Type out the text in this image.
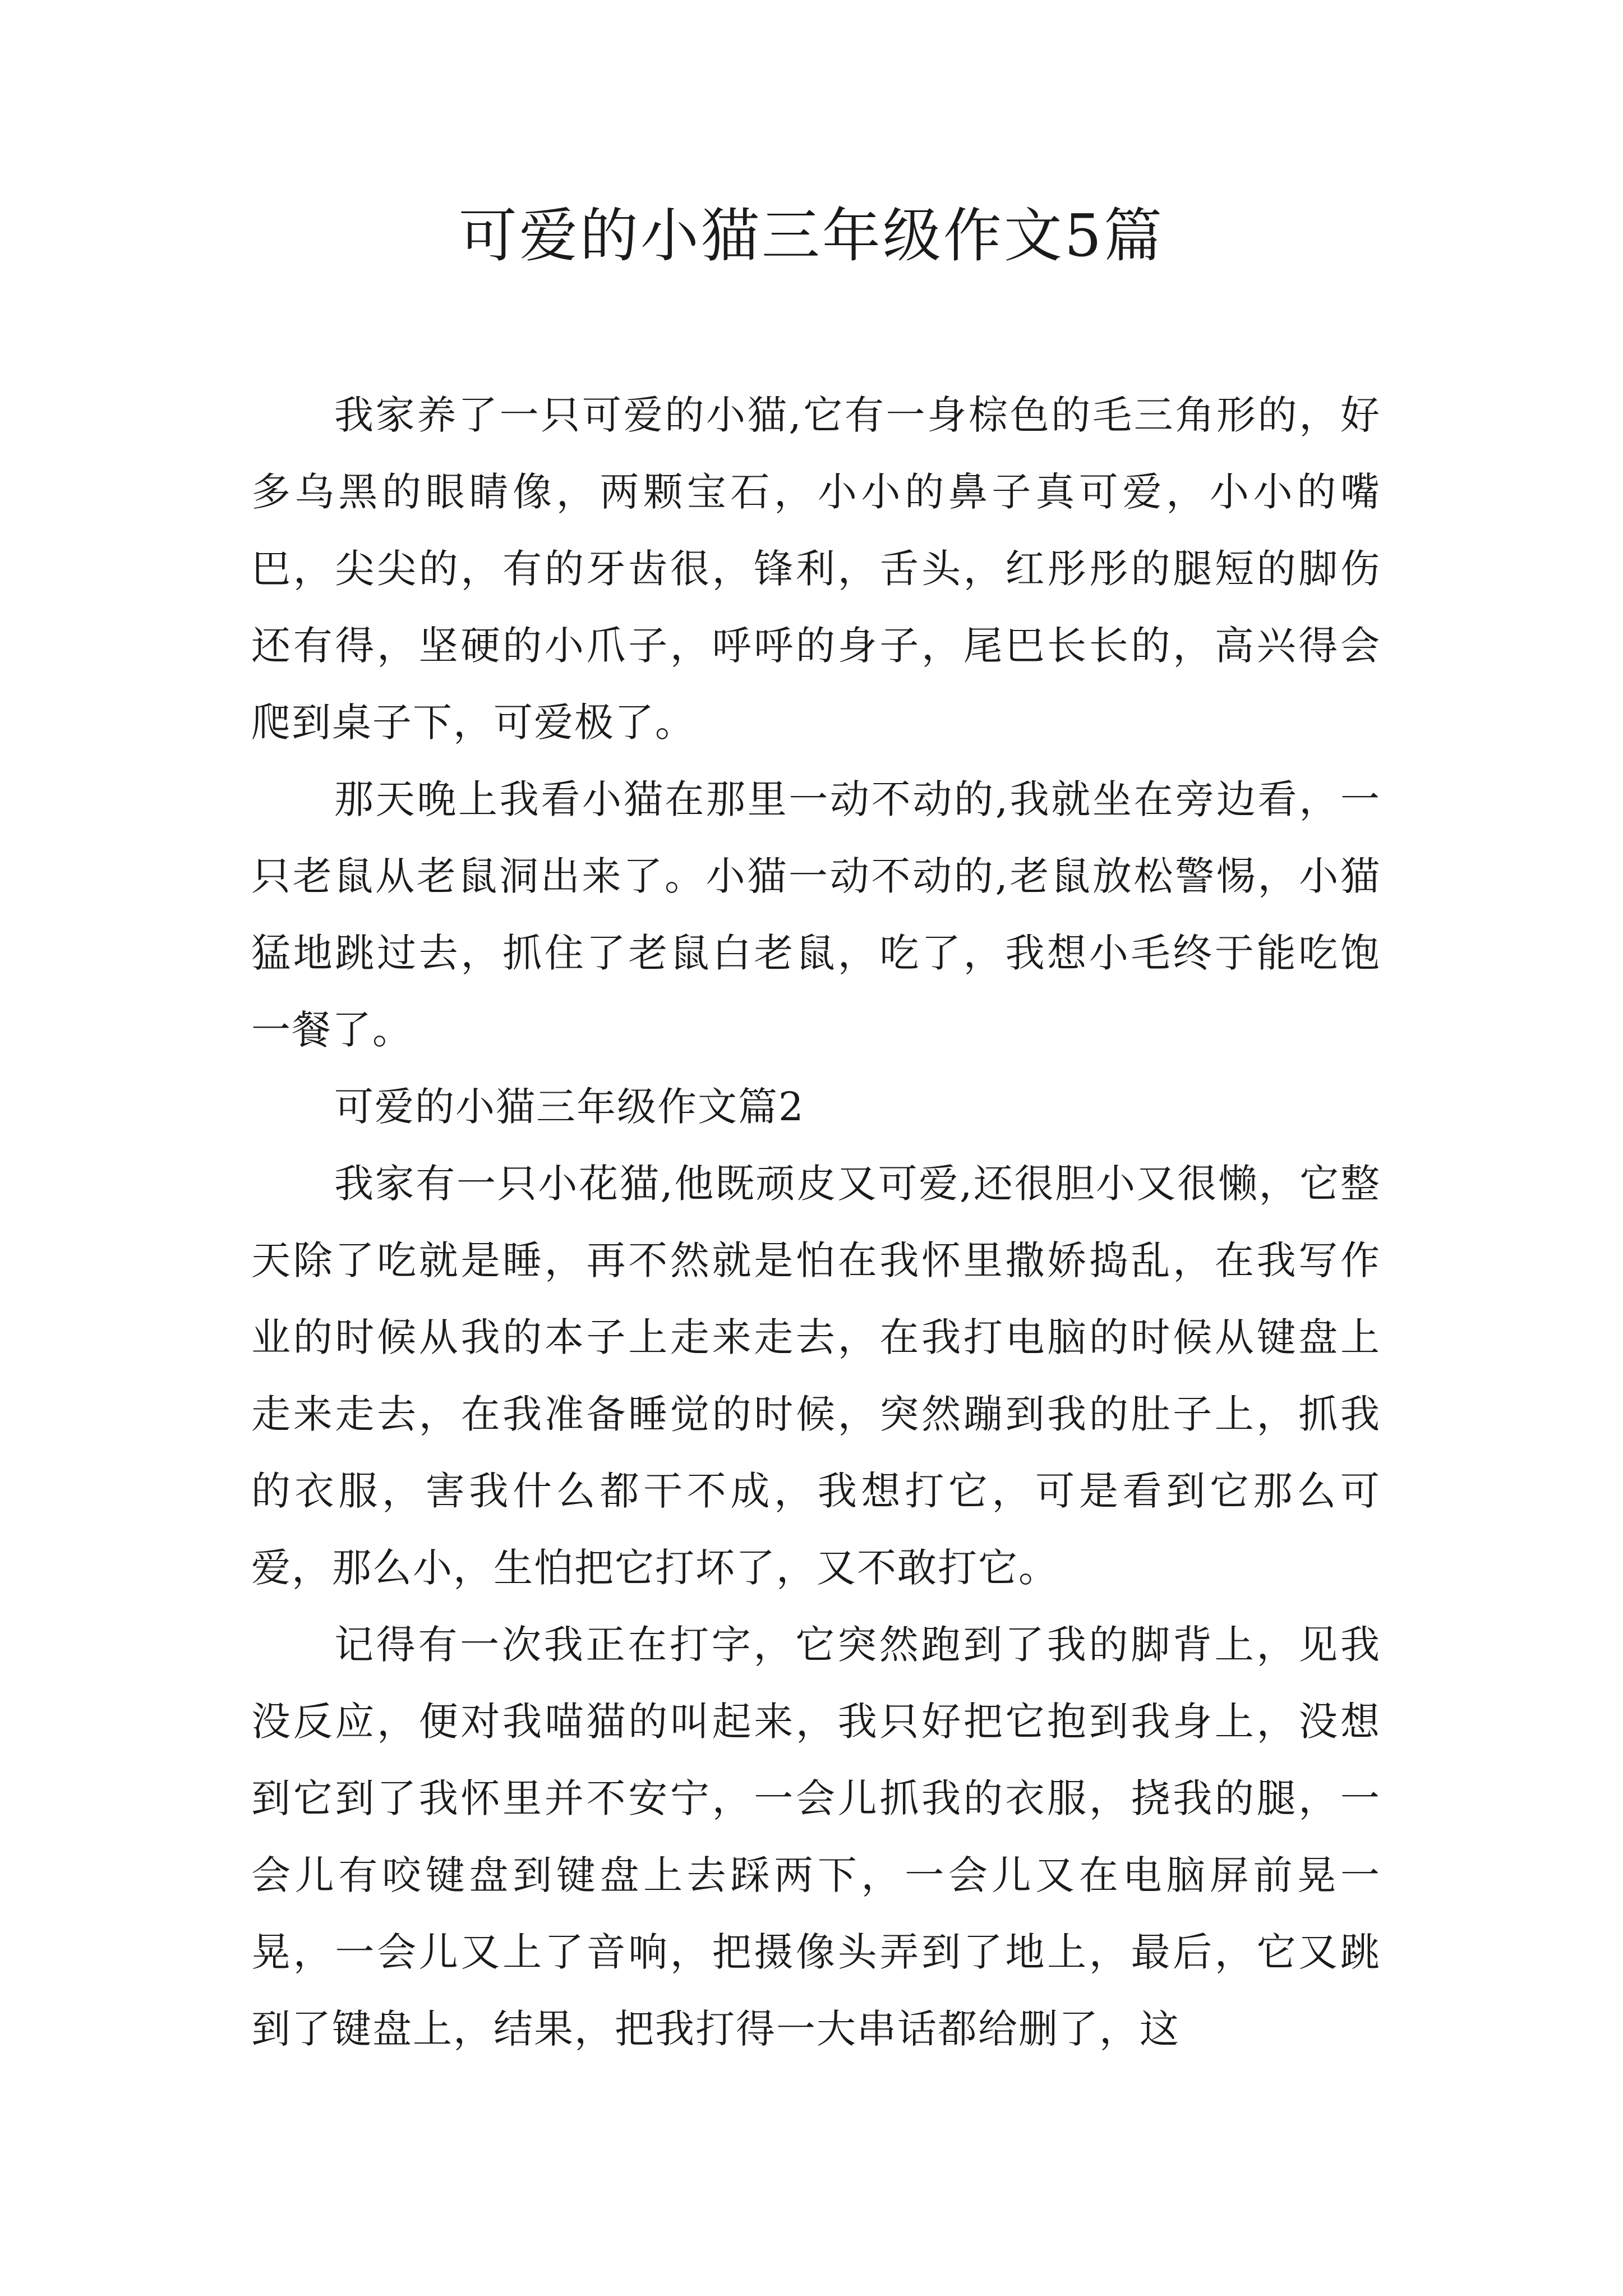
可爱的小猫三年级作文5篇

我家养了一只可爱的小猫,它有一身棕色的毛三角形的，好多乌黑的眼睛像，两颗宝石，小小的鼻子真可爱，小小的嘴巴，尖尖的，有的牙齿很，锋利，舌头，红彤彤的腿短的脚伤还有得，坚硬的小爪子，呼呼的身子，尾巴长长的，高兴得会爬到桌子下，可爱极了。

那天晚上我看小猫在那里一动不动的,我就坐在旁边看，一只老鼠从老鼠洞出来了。小猫一动不动的,老鼠放松警惕，小猫猛地跳过去，抓住了老鼠白老鼠，吃了，我想小毛终于能吃饱一餐了。

可爱的小猫三年级作文篇2

我家有一只小花猫,他既顽皮又可爱,还很胆小又很懒，它整天除了吃就是睡，再不然就是怕在我怀里撒娇捣乱，在我写作业的时候从我的本子上走来走去，在我打电脑的时候从键盘上走来走去，在我准备睡觉的时候，突然蹦到我的肚子上，抓我的衣服，害我什么都干不成，我想打它，可是看到它那么可爱，那么小，生怕把它打坏了，又不敢打它。

记得有一次我正在打字，它突然跑到了我的脚背上，见我没反应，便对我喵猫的叫起来，我只好把它抱到我身上，没想到它到了我怀里并不安宁，一会儿抓我的衣服，挠我的腿，一会儿有咬键盘到键盘上去踩两下，一会儿又在电脑屏前晃一晃，一会儿又上了音响，把摄像头弄到了地上，最后，它又跳到了键盘上，结果，把我打得一大串话都给删了，这
